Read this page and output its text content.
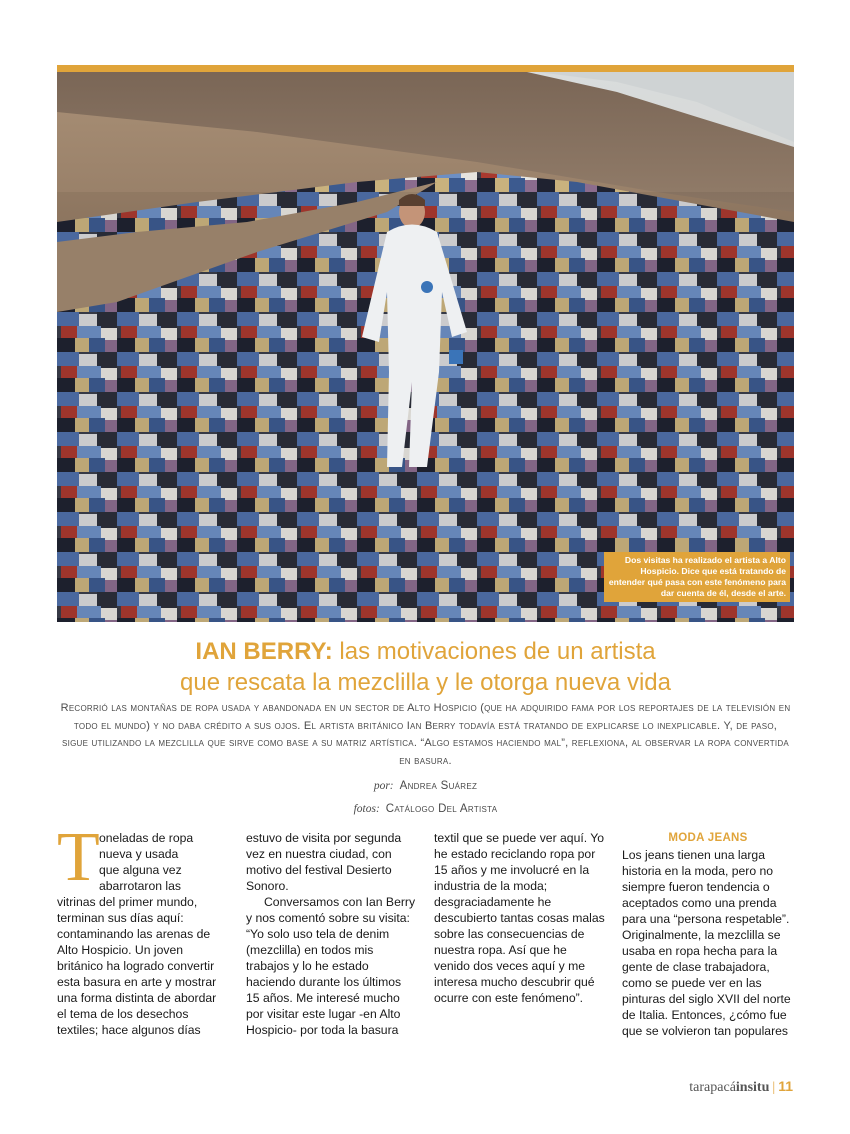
Dos visitas ha realizado el artista a Alto Hospicio. Dice que está tratando de entender qué pasa con este fenómeno para dar cuenta de él, desde el arte.
IAN BERRY: las motivaciones de un artista
que rescata la mezclilla y le otorga nueva vida
Recorrió las montañas de ropa usada y abandonada en un sector de Alto Hospicio (que ha adquirido fama por los reportajes de la televisión en todo el mundo) y no daba crédito a sus ojos. El artista británico Ian Berry todavía está tratando de explicarse lo inexplicable. Y, de paso, sigue utilizando la mezclilla que sirve como base a su matriz artística. “Algo estamos haciendo mal”, reflexiona, al observar la ropa convertida en basura.
por: Andrea Suárez
fotos: Catálogo Del Artista
T oneladas de ropa
nueva y usada
que alguna vez
abarrotaron las

vitrinas del primer mundo, terminan sus días aquí: contaminando las arenas de Alto Hospicio. Un joven británico ha logrado convertir esta basura en arte y mostrar una forma distinta de abordar el tema de los desechos textiles; hace algunos días

estuvo de visita por segunda vez en nuestra ciudad, con motivo del festival Desierto Sonoro.

Conversamos con Ian Berry y nos comentó sobre su visita: “Yo solo uso tela de denim (mezclilla) en todos mis trabajos y lo he estado haciendo durante los últimos 15 años. Me interesé mucho por visitar este lugar -en Alto Hospicio- por toda la basura

textil que se puede ver aquí. Yo he estado reciclando ropa por 15 años y me involucré en la industria de la moda; desgraciadamente he descubierto tantas cosas malas sobre las consecuencias de nuestra ropa. Así que he venido dos veces aquí y me interesa mucho descubrir qué ocurre con este fenómeno”.

MODA JEANS

Los jeans tienen una larga historia en la moda, pero no siempre fueron tendencia o aceptados como una prenda para una “persona respetable”. Originalmente, la mezclilla se usaba en ropa hecha para la gente de clase trabajadora, como se puede ver en las pinturas del siglo XVII del norte de Italia. Entonces, ¿cómo fue que se volvieron tan populares

tarapacáinsitu | 11
